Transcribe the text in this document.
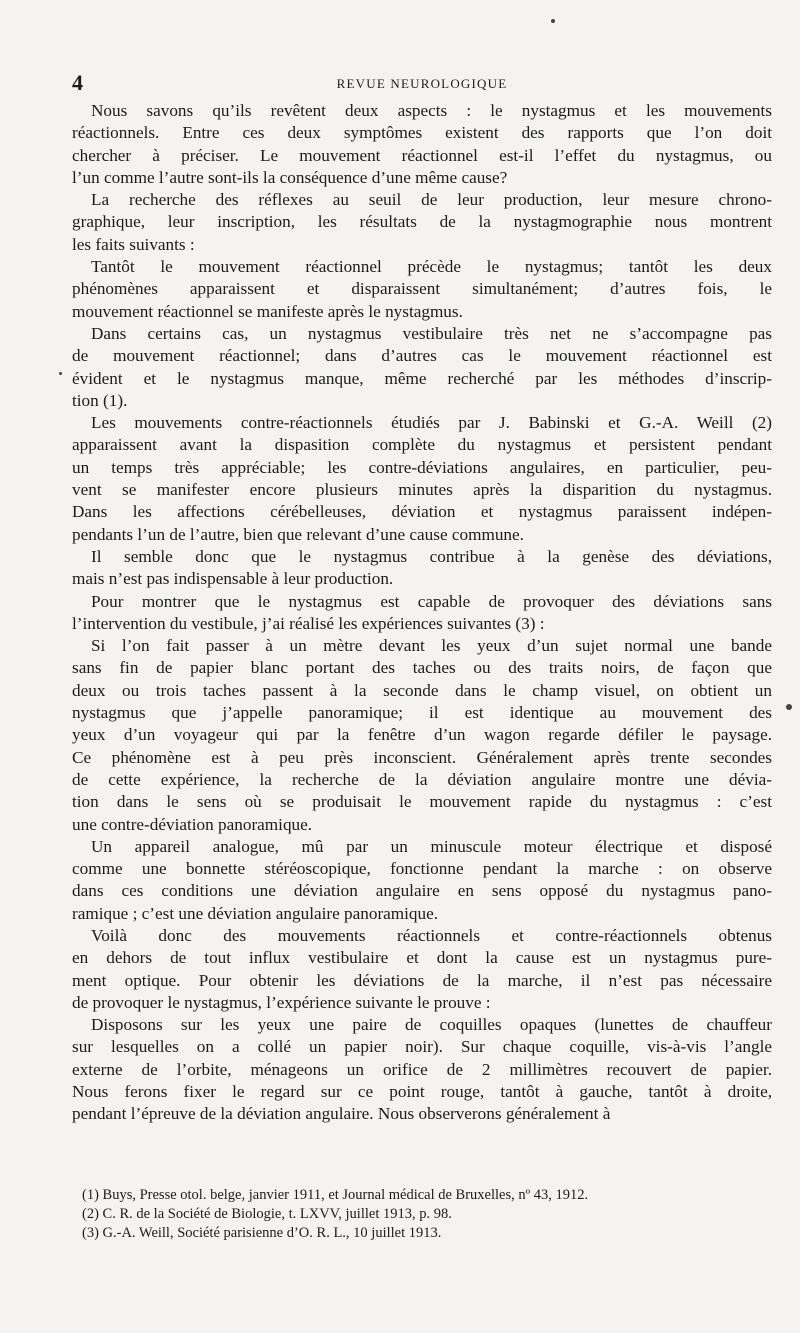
4	REVUE NEUROLOGIQUE

Nous savons qu’ils revêtent deux aspects : le nystagmus et les mouvements
réactionnels. Entre ces deux symptômes existent des rapports que l’on doit
chercher à préciser. Le mouvement réactionnel est-il l’effet du nystagmus, ou
l’un comme l’autre sont-ils la conséquence d’une même cause?

La recherche des réflexes au seuil de leur production, leur mesure chrono-
graphique, leur inscription, les résultats de la nystagmographie nous montrent
les faits suivants :

Tantôt le mouvement réactionnel précède le nystagmus; tantôt les deux
phénomènes apparaissent et disparaissent simultanément; d’autres fois, le
mouvement réactionnel se manifeste après le nystagmus.

Dans certains cas, un nystagmus vestibulaire très net ne s’accompagne pas
de mouvement réactionnel; dans d’autres cas le mouvement réactionnel est
évident et le nystagmus manque, même recherché par les méthodes d’inscrip-
tion (1).

Les mouvements contre-réactionnels étudiés par J. Babinski et G.-A. Weill (2)
apparaissent avant la dispasition complète du nystagmus et persistent pendant
un temps très appréciable; les contre-déviations angulaires, en particulier, peu-
vent se manifester encore plusieurs minutes après la disparition du nystagmus.
Dans les affections cérébelleuses, déviation et nystagmus paraissent indépen-
pendants l’un de l’autre, bien que relevant d’une cause commune.

Il semble donc que le nystagmus contribue à la genèse des déviations,
mais n’est pas indispensable à leur production.

Pour montrer que le nystagmus est capable de provoquer des déviations sans
l’intervention du vestibule, j’ai réalisé les expériences suivantes (3) :

Si l’on fait passer à un mètre devant les yeux d’un sujet normal une bande
sans fin de papier blanc portant des taches ou des traits noirs, de façon que
deux ou trois taches passent à la seconde dans le champ visuel, on obtient un
nystagmus que j’appelle panoramique; il est identique au mouvement des
yeux d’un voyageur qui par la fenêtre d’un wagon regarde défiler le paysage.
Ce phénomène est à peu près inconscient. Généralement après trente secondes
de cette expérience, la recherche de la déviation angulaire montre une dévia-
tion dans le sens où se produisait le mouvement rapide du nystagmus : c’est
une contre-déviation panoramique.

Un appareil analogue, mû par un minuscule moteur électrique et disposé
comme une bonnette stéréoscopique, fonctionne pendant la marche : on observe
dans ces conditions une déviation angulaire en sens opposé du nystagmus pano-
ramique ; c’est une déviation angulaire panoramique.

Voilà donc des mouvements réactionnels et contre-réactionnels obtenus
en dehors de tout influx vestibulaire et dont la cause est un nystagmus pure-
ment optique. Pour obtenir les déviations de la marche, il n’est pas nécessaire
de provoquer le nystagmus, l’expérience suivante le prouve :

Disposons sur les yeux une paire de coquilles opaques (lunettes de chauffeur
sur lesquelles on a collé un papier noir). Sur chaque coquille, vis-à-vis l’angle
externe de l’orbite, ménageons un orifice de 2 millimètres recouvert de papier.
Nous ferons fixer le regard sur ce point rouge, tantôt à gauche, tantôt à droite,
pendant l’épreuve de la déviation angulaire. Nous observerons généralement à

(1) Buys, Presse otol. belge, janvier 1911, et Journal médical de Bruxelles, nº 43, 1912.

(2) C. R. de la Société de Biologie, t. LXVV, juillet 1913, p. 98.

(3) G.-A. Weill, Société parisienne d’O. R. L., 10 juillet 1913.
